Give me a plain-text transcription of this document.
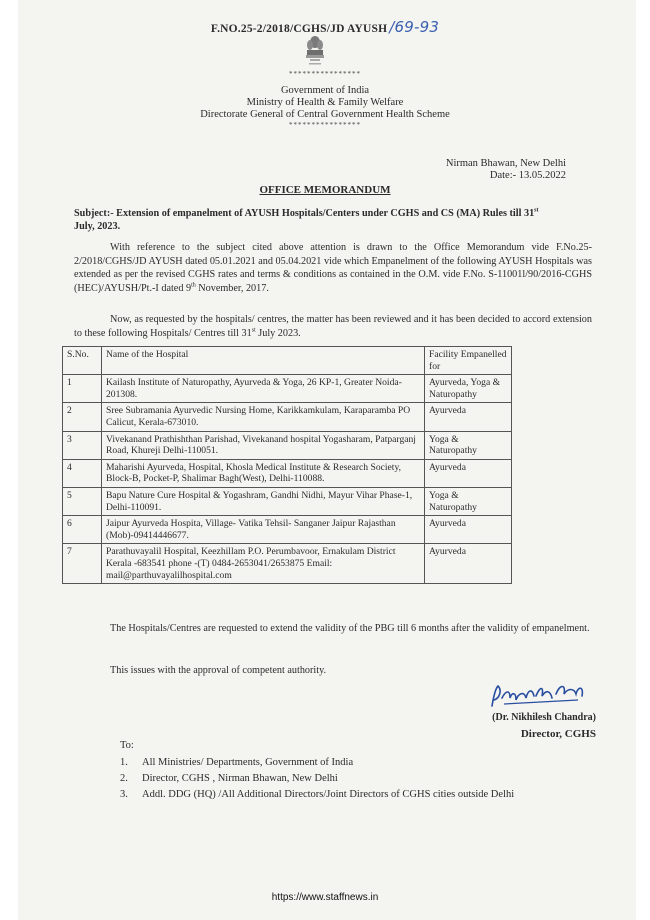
F.NO.25-2/2018/CGHS/JD AYUSH /69-93
****************
Government of India
Ministry of Health & Family Welfare
Directorate General of Central Government Health Scheme
****************
Nirman Bhawan, New Delhi
Date:- 13.05.2022
OFFICE MEMORANDUM
Subject:- Extension of empanelment of AYUSH Hospitals/Centers under CGHS and CS (MA) Rules till 31st
July, 2023.
With reference to the subject cited above attention is drawn to the Office Memorandum vide F.No.25-2/2018/CGHS/JD AYUSH dated 05.01.2021 and 05.04.2021 vide which Empanelment of the following AYUSH Hospitals was extended as per the revised CGHS rates and terms & conditions as contained in the O.M. vide F.No. S-11001l/90/2016-CGHS (HEC)/AYUSH/Pt.-I dated 9th November, 2017.
Now, as requested by the hospitals/ centres, the matter has been reviewed and it has been decided to accord extension to these following Hospitals/ Centres till 31st July 2023.
S.No.	Name of the Hospital	Facility Empanelled for
1	Kailash Institute of Naturopathy, Ayurveda & Yoga, 26 KP-1, Greater Noida- 201308.	Ayurveda, Yoga & Naturopathy
2	Sree Subramania Ayurvedic Nursing Home, Karikkamkulam, Karaparamba PO Calicut, Kerala-673010.	Ayurveda
3	Vivekanand Prathishthan Parishad, Vivekanand hospital Yogasharam, Patparganj Road, Khureji Delhi-110051.	Yoga & Naturopathy
4	Maharishi Ayurveda, Hospital, Khosla Medical Institute & Research Society, Block-B, Pocket-P, Shalimar Bagh(West), Delhi-110088.	Ayurveda
5	Bapu Nature Cure Hospital & Yogashram, Gandhi Nidhi, Mayur Vihar Phase-1, Delhi-110091.	Yoga & Naturopathy
6	Jaipur Ayurveda Hospita, Village- Vatika Tehsil- Sanganer Jaipur Rajasthan (Mob)-09414446677.	Ayurveda
7	Parathuvayalil Hospital, Keezhillam P.O. Perumbavoor, Ernakulam District Kerala -683541 phone -(T) 0484-2653041/2653875 Email: mail@parthuvayalilhospital.com	Ayurveda
The Hospitals/Centres are requested to extend the validity of the PBG till 6 months after the validity of empanelment.
This issues with the approval of competent authority.
(Dr. Nikhilesh Chandra)
Director, CGHS
To:
1. All Ministries/ Departments, Government of India
2. Director, CGHS , Nirman Bhawan, New Delhi
3. Addl. DDG (HQ) /All Additional Directors/Joint Directors of CGHS cities outside Delhi
https://www.staffnews.in
